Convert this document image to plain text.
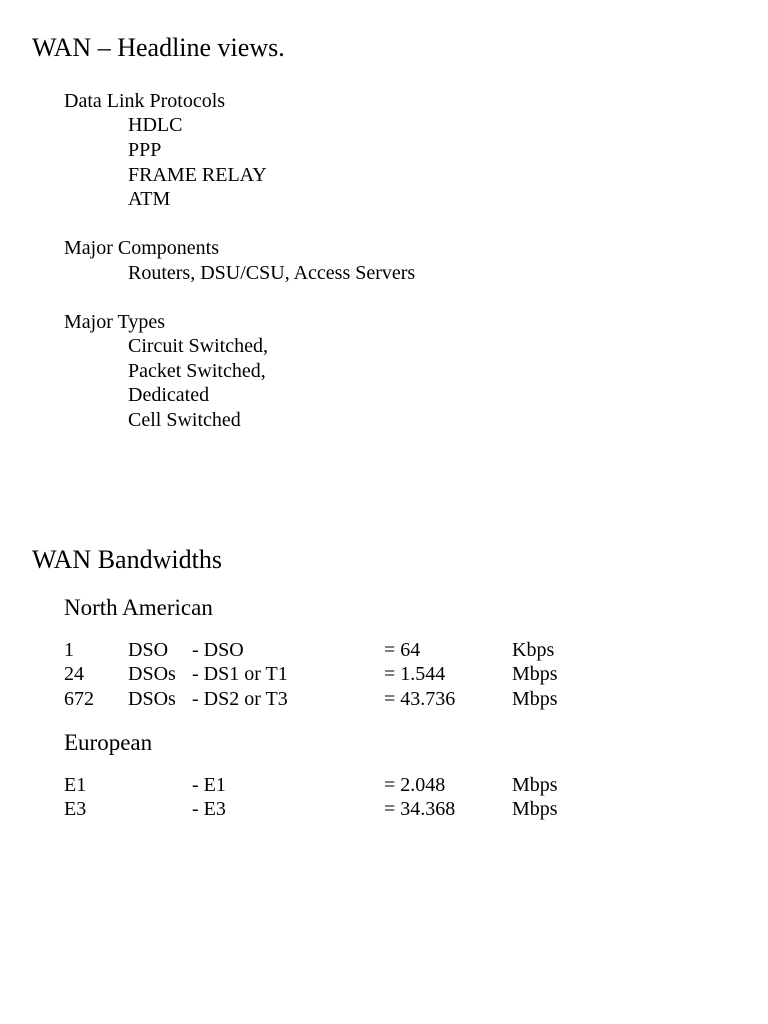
WAN – Headline views.
Data Link Protocols
HDLC
PPP
FRAME RELAY
ATM
Major Components
Routers, DSU/CSU, Access Servers
Major Types
Circuit Switched,
Packet Switched,
Dedicated
Cell Switched
WAN Bandwidths
North American
1	DSO - DSO	= 64	Kbps
24 DSOs - DS1 or T1	= 1.544	Mbps
672 DSOs - DS2 or T3	= 43.736	Mbps
European
E1	- E1	= 2.048	Mbps
E3	- E3	= 34.368	Mbps
